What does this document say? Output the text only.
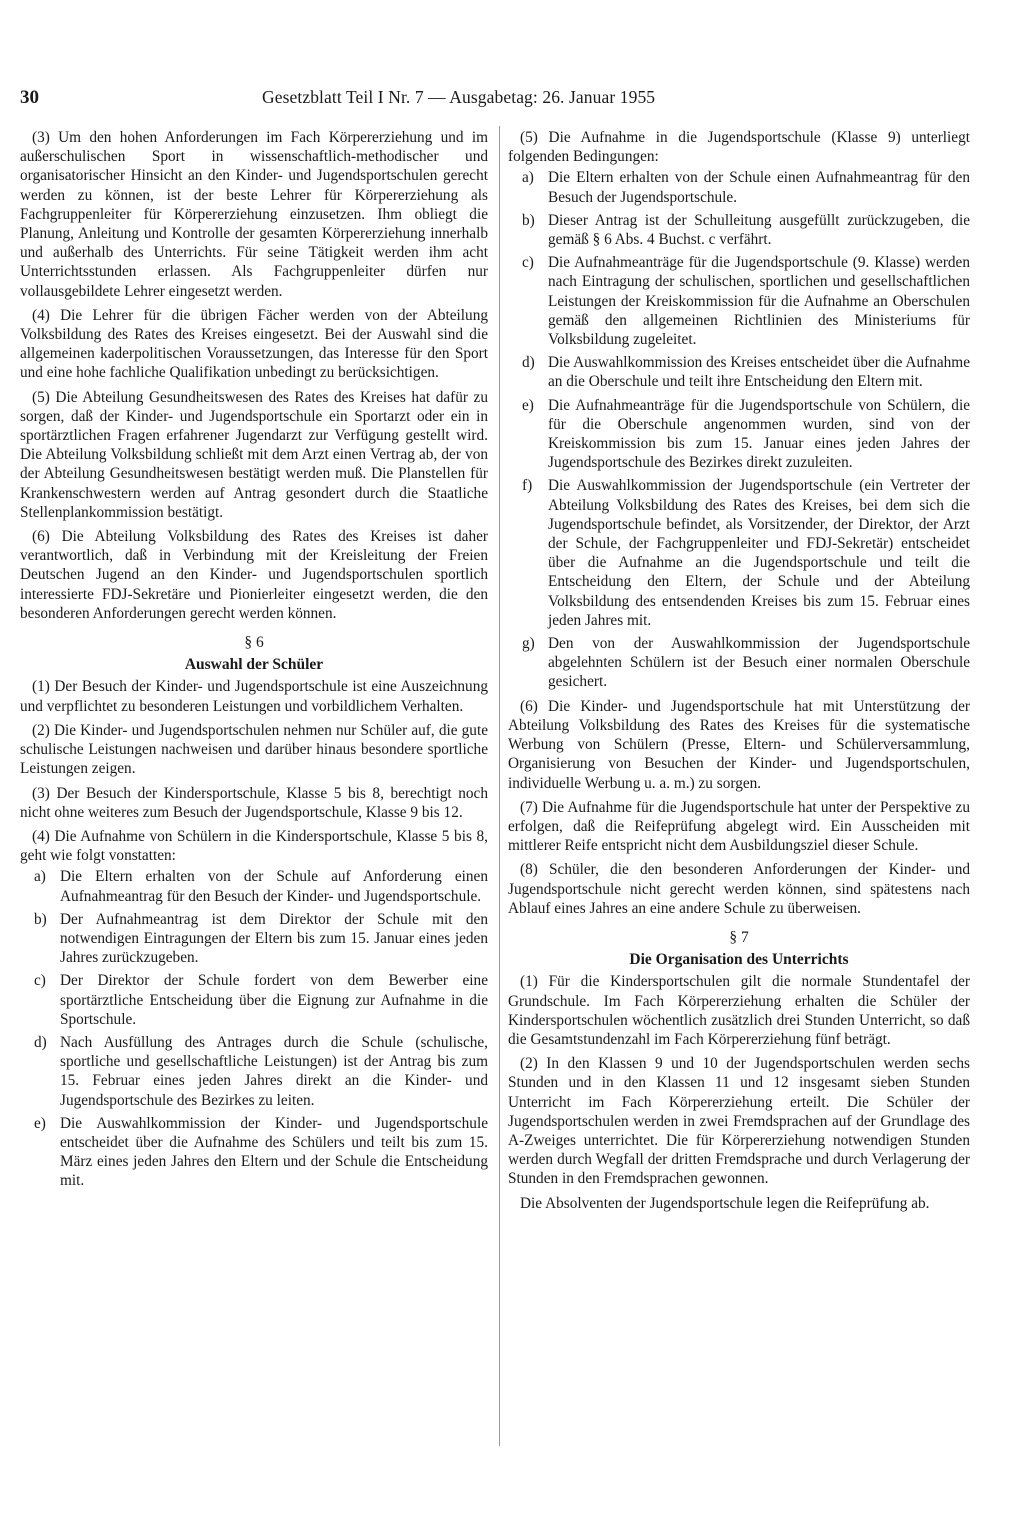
30	Gesetzblatt Teil I Nr. 7 — Ausgabetag: 26. Januar 1955

(3) Um den hohen Anforderungen im Fach Körpererziehung und im außerschulischen Sport in wissenschaftlich-methodischer und organisatorischer Hinsicht an den Kinder- und Jugendsportschulen gerecht werden zu können, ist der beste Lehrer für Körpererziehung als Fachgruppenleiter für Körpererziehung einzusetzen. Ihm obliegt die Planung, Anleitung und Kontrolle der gesamten Körpererziehung innerhalb und außerhalb des Unterrichts. Für seine Tätigkeit werden ihm acht Unterrichtsstunden erlassen. Als Fachgruppenleiter dürfen nur vollausgebildete Lehrer eingesetzt werden.

(4) Die Lehrer für die übrigen Fächer werden von der Abteilung Volksbildung des Rates des Kreises eingesetzt. Bei der Auswahl sind die allgemeinen kaderpolitischen Voraussetzungen, das Interesse für den Sport und eine hohe fachliche Qualifikation unbedingt zu berücksichtigen.

(5) Die Abteilung Gesundheitswesen des Rates des Kreises hat dafür zu sorgen, daß der Kinder- und Jugendsportschule ein Sportarzt oder ein in sportärztlichen Fragen erfahrener Jugendarzt zur Verfügung gestellt wird. Die Abteilung Volksbildung schließt mit dem Arzt einen Vertrag ab, der von der Abteilung Gesundheitswesen bestätigt werden muß. Die Planstellen für Krankenschwestern werden auf Antrag gesondert durch die Staatliche Stellenplankommission bestätigt.

(6) Die Abteilung Volksbildung des Rates des Kreises ist daher verantwortlich, daß in Verbindung mit der Kreisleitung der Freien Deutschen Jugend an den Kinder- und Jugendsportschulen sportlich interessierte FDJ-Sekretäre und Pionierleiter eingesetzt werden, die den besonderen Anforderungen gerecht werden können.

§ 6
Auswahl der Schüler

(1) Der Besuch der Kinder- und Jugendsportschule ist eine Auszeichnung und verpflichtet zu besonderen Leistungen und vorbildlichem Verhalten.

(2) Die Kinder- und Jugendsportschulen nehmen nur Schüler auf, die gute schulische Leistungen nachweisen und darüber hinaus besondere sportliche Leistungen zeigen.

(3) Der Besuch der Kindersportschule, Klasse 5 bis 8, berechtigt noch nicht ohne weiteres zum Besuch der Jugendsportschule, Klasse 9 bis 12.

(4) Die Aufnahme von Schülern in die Kindersportschule, Klasse 5 bis 8, geht wie folgt vonstatten:

a) Die Eltern erhalten von der Schule auf Anforderung einen Aufnahmeantrag für den Besuch der Kinder- und Jugendsportschule.
b) Der Aufnahmeantrag ist dem Direktor der Schule mit den notwendigen Eintragungen der Eltern bis zum 15. Januar eines jeden Jahres zurückzugeben.
c) Der Direktor der Schule fordert von dem Bewerber eine sportärztliche Entscheidung über die Eignung zur Aufnahme in die Sportschule.
d) Nach Ausfüllung des Antrages durch die Schule (schulische, sportliche und gesellschaftliche Leistungen) ist der Antrag bis zum 15. Februar eines jeden Jahres direkt an die Kinder- und Jugendsportschule des Bezirkes zu leiten.
e) Die Auswahlkommission der Kinder- und Jugendsportschule entscheidet über die Aufnahme des Schülers und teilt bis zum 15. März eines jeden Jahres den Eltern und der Schule die Entscheidung mit.

(5) Die Aufnahme in die Jugendsportschule (Klasse 9) unterliegt folgenden Bedingungen:

a) Die Eltern erhalten von der Schule einen Aufnahmeantrag für den Besuch der Jugendsportschule.
b) Dieser Antrag ist der Schulleitung ausgefüllt zurückzugeben, die gemäß § 6 Abs. 4 Buchst. c verfährt.
c) Die Aufnahmeanträge für die Jugendsportschule (9. Klasse) werden nach Eintragung der schulischen, sportlichen und gesellschaftlichen Leistungen der Kreiskommission für die Aufnahme an Oberschulen gemäß den allgemeinen Richtlinien des Ministeriums für Volksbildung zugeleitet.
d) Die Auswahlkommission des Kreises entscheidet über die Aufnahme an die Oberschule und teilt ihre Entscheidung den Eltern mit.
e) Die Aufnahmeanträge für die Jugendsportschule von Schülern, die für die Oberschule angenommen wurden, sind von der Kreiskommission bis zum 15. Januar eines jeden Jahres der Jugendsportschule des Bezirkes direkt zuzuleiten.
f) Die Auswahlkommission der Jugendsportschule (ein Vertreter der Abteilung Volksbildung des Rates des Kreises, bei dem sich die Jugendsportschule befindet, als Vorsitzender, der Direktor, der Arzt der Schule, der Fachgruppenleiter und FDJ-Sekretär) entscheidet über die Aufnahme an die Jugendsportschule und teilt die Entscheidung den Eltern, der Schule und der Abteilung Volksbildung des entsendenden Kreises bis zum 15. Februar eines jeden Jahres mit.
g) Den von der Auswahlkommission der Jugendsportschule abgelehnten Schülern ist der Besuch einer normalen Oberschule gesichert.

(6) Die Kinder- und Jugendsportschule hat mit Unterstützung der Abteilung Volksbildung des Rates des Kreises für die systematische Werbung von Schülern (Presse, Eltern- und Schülerversammlung, Organisierung von Besuchen der Kinder- und Jugendsportschulen, individuelle Werbung u. a. m.) zu sorgen.

(7) Die Aufnahme für die Jugendsportschule hat unter der Perspektive zu erfolgen, daß die Reifeprüfung abgelegt wird. Ein Ausscheiden mit mittlerer Reife entspricht nicht dem Ausbildungsziel dieser Schule.

(8) Schüler, die den besonderen Anforderungen der Kinder- und Jugendsportschule nicht gerecht werden können, sind spätestens nach Ablauf eines Jahres an eine andere Schule zu überweisen.

§ 7
Die Organisation des Unterrichts

(1) Für die Kindersportschulen gilt die normale Stundentafel der Grundschule. Im Fach Körpererziehung erhalten die Schüler der Kindersportschulen wöchentlich zusätzlich drei Stunden Unterricht, so daß die Gesamtstundenzahl im Fach Körpererziehung fünf beträgt.

(2) In den Klassen 9 und 10 der Jugendsportschulen werden sechs Stunden und in den Klassen 11 und 12 insgesamt sieben Stunden Unterricht im Fach Körpererziehung erteilt. Die Schüler der Jugendsportschulen werden in zwei Fremdsprachen auf der Grundlage des A-Zweiges unterrichtet. Die für Körpererziehung notwendigen Stunden werden durch Wegfall der dritten Fremdsprache und durch Verlagerung der Stunden in den Fremdsprachen gewonnen.

Die Absolventen der Jugendsportschule legen die Reifeprüfung ab.
